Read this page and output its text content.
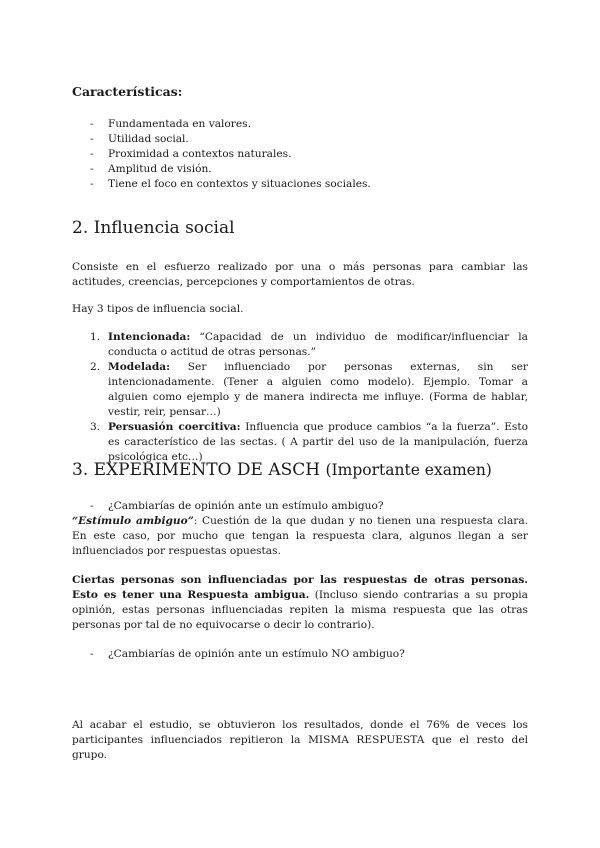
Características:
-	Fundamentada en valores.
-	Utilidad social.
-	Proximidad a contextos naturales.
-	Amplitud de visión.
-	Tiene el foco en contextos y situaciones sociales.
2. Influencia social
Consiste en el esfuerzo realizado por una o más personas para cambiar las actitudes, creencias, percepciones y comportamientos de otras.
Hay 3 tipos de influencia social.
1. Intencionada: “Capacidad de un individuo de modificar/influenciar la conducta o actitud de otras personas.”
2. Modelada: Ser influenciado por personas externas, sin ser intencionadamente. (Tener a alguien como modelo). Ejemplo. Tomar a alguien como ejemplo y de manera indirecta me influye. (Forma de hablar, vestir, reir, pensar…)
3. Persuasión coercitiva: Influencia que produce cambios “a la fuerza”. Esto es característico de las sectas. ( A partir del uso de la manipulación, fuerza psicológica etc…)
3. EXPERIMENTO DE ASCH (Importante examen)
-	¿Cambiarías de opinión ante un estímulo ambiguo?
“Estímulo ambiguo”: Cuestión de la que dudan y no tienen una respuesta clara. En este caso, por mucho que tengan la respuesta clara, algunos llegan a ser influenciados por respuestas opuestas.
Ciertas personas son influenciadas por las respuestas de otras personas. Esto es tener una Respuesta ambigua. (Incluso siendo contrarias a su propia opinión, estas personas influenciadas repiten la misma respuesta que las otras personas por tal de no equivocarse o decir lo contrario).
-	¿Cambiarías de opinión ante un estímulo NO ambiguo?
Al acabar el estudio, se obtuvieron los resultados, donde el 76% de veces los participantes influenciados repitieron la MISMA RESPUESTA que el resto del grupo.
